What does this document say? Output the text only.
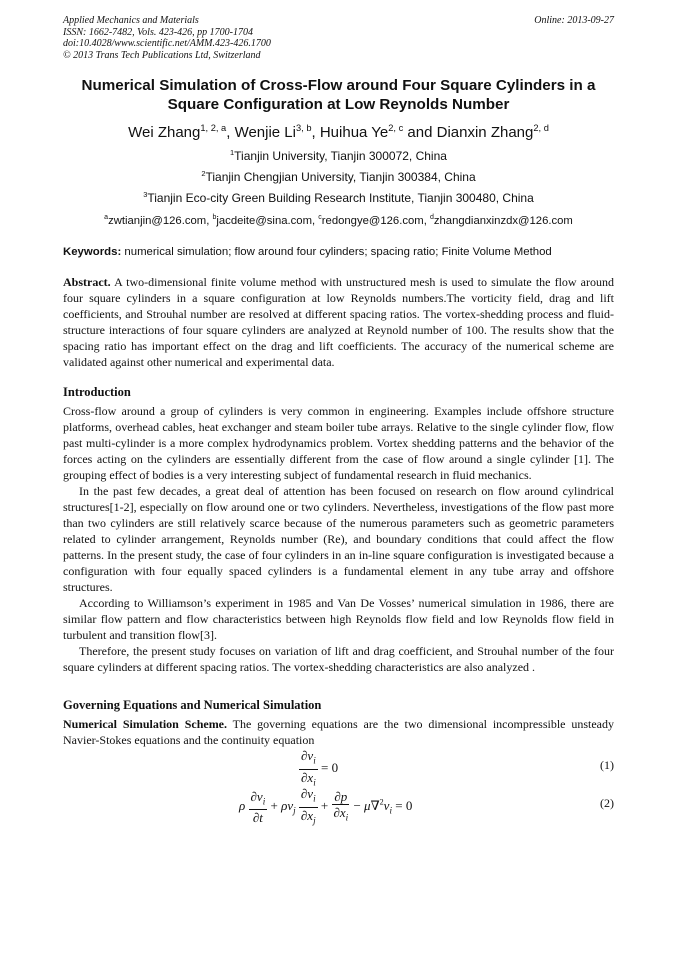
Applied Mechanics and Materials
ISSN: 1662-7482, Vols. 423-426, pp 1700-1704
doi:10.4028/www.scientific.net/AMM.423-426.1700
© 2013 Trans Tech Publications Ltd, Switzerland
Online: 2013-09-27
Numerical Simulation of Cross-Flow around Four Square Cylinders in a
Square Configuration at Low Reynolds Number
Wei Zhang$^{1, 2, a}$, Wenjie Li$^{3, b}$, Huihua Ye$^{2, c}$ and Dianxin Zhang$^{2, d}$
$^1$Tianjin University, Tianjin 300072, China
$^2$Tianjin Chengjian University, Tianjin 300384, China
$^3$Tianjin Eco-city Green Building Research Institute, Tianjin 300480, China
$^a$zwtianjin@126.com, $^b$jacdeite@sina.com, $^c$redongye@126.com, $^d$zhangdianxinzdx@126.com
Keywords: numerical simulation; flow around four cylinders; spacing ratio; Finite Volume Method

Abstract. A two-dimensional finite volume method with unstructured mesh is used to simulate the flow around four square cylinders in a square configuration at low Reynolds numbers.The vorticity field, drag and lift coefficients, and Strouhal number are resolved at different spacing ratios. The vortex-shedding process and fluid-structure interactions of four square cylinders are analyzed at Reynold number of 100. The results show that the spacing ratio has important effect on the drag and lift coefficients. The accuracy of the numerical scheme are validated against other numerical and experimental data.

Introduction

Cross-flow around a group of cylinders is very common in engineering. Examples include offshore structure platforms, overhead cables, heat exchanger and steam boiler tube arrays. Relative to the single cylinder flow, flow past multi-cylinder is a more complex hydrodynamics problem. Vortex shedding patterns and the behavior of the forces acting on the cylinders are essentially different from the case of flow around a single cylinder [1]. The grouping effect of bodies is a very interesting subject of fundamental research in fluid mechanics.

In the past few decades, a great deal of attention has been focused on research on flow around cylindrical structures[1-2], especially on flow around one or two cylinders. Nevertheless, investigations of the flow past more than two cylinders are still relatively scarce because of the numerous parameters such as geometric parameters related to cylinder arrangement, Reynolds number (Re), and boundary conditions that could affect the flow patterns. In the present study, the case of four cylinders in an in-line square configuration is investigated because a configuration with four equally spaced cylinders is a fundamental element in any tube array and offshore structures.

According to Williamson’s experiment in 1985 and Van De Vosses’ numerical simulation in 1986, there are similar flow pattern and flow characteristics between high Reynolds flow field and low Reynolds flow field in turbulent and transition flow[3].

Therefore, the present study focuses on variation of lift and drag coefficient, and Strouhal number of the four square cylinders at different spacing ratios. The vortex-shedding characteristics are also analyzed .

Governing Equations and Numerical Simulation

Numerical Simulation Scheme. The governing equations are the two dimensional incompressible unsteady Navier-Stokes equations and the continuity equation

$\frac{\partial v_i}{\partial x_i} = 0$	(1)
ρ $\frac{\partial v_i}{\partial t} + \rho v_j \frac{\partial v_i}{\partial x_j} + \frac{\partial p}{\partial x_i} - \mu\nabla^2v_i = 0$	(2)
